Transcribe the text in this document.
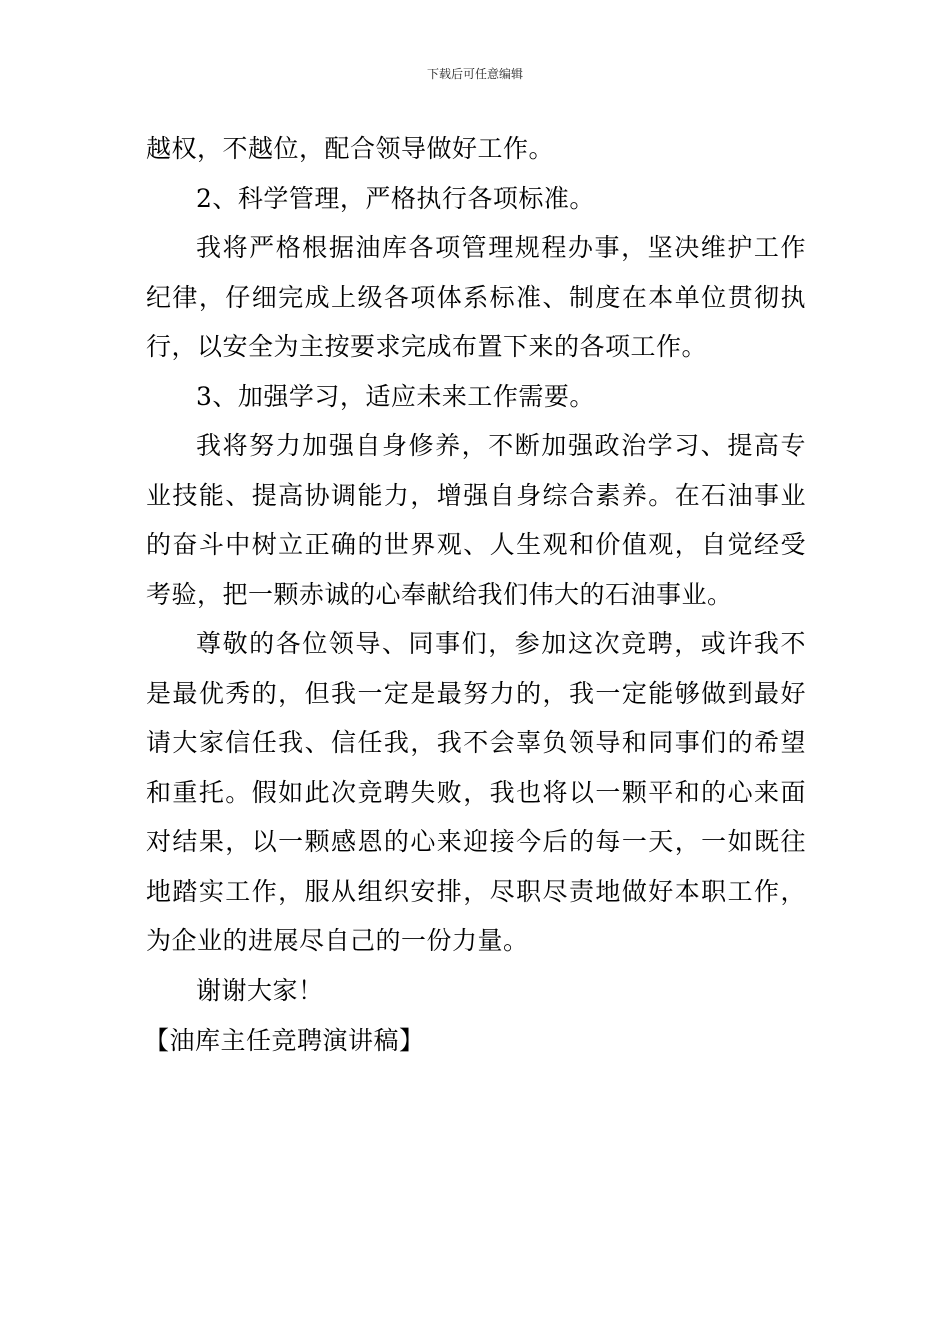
下载后可任意编辑

越权，不越位，配合领导做好工作。

2、科学管理，严格执行各项标准。

我将严格根据油库各项管理规程办事，坚决维护工作纪律，仔细完成上级各项体系标准、制度在本单位贯彻执行，以安全为主按要求完成布置下来的各项工作。

3、加强学习，适应未来工作需要。

我将努力加强自身修养，不断加强政治学习、提高专业技能、提高协调能力，增强自身综合素养。在石油事业的奋斗中树立正确的世界观、人生观和价值观，自觉经受考验，把一颗赤诚的心奉献给我们伟大的石油事业。

尊敬的各位领导、同事们，参加这次竞聘，或许我不是最优秀的，但我一定是最努力的，我一定能够做到最好请大家信任我、信任我，我不会辜负领导和同事们的希望和重托。假如此次竞聘失败，我也将以一颗平和的心来面对结果，以一颗感恩的心来迎接今后的每一天，一如既往地踏实工作，服从组织安排，尽职尽责地做好本职工作，为企业的进展尽自己的一份力量。

谢谢大家！

【油库主任竞聘演讲稿】
